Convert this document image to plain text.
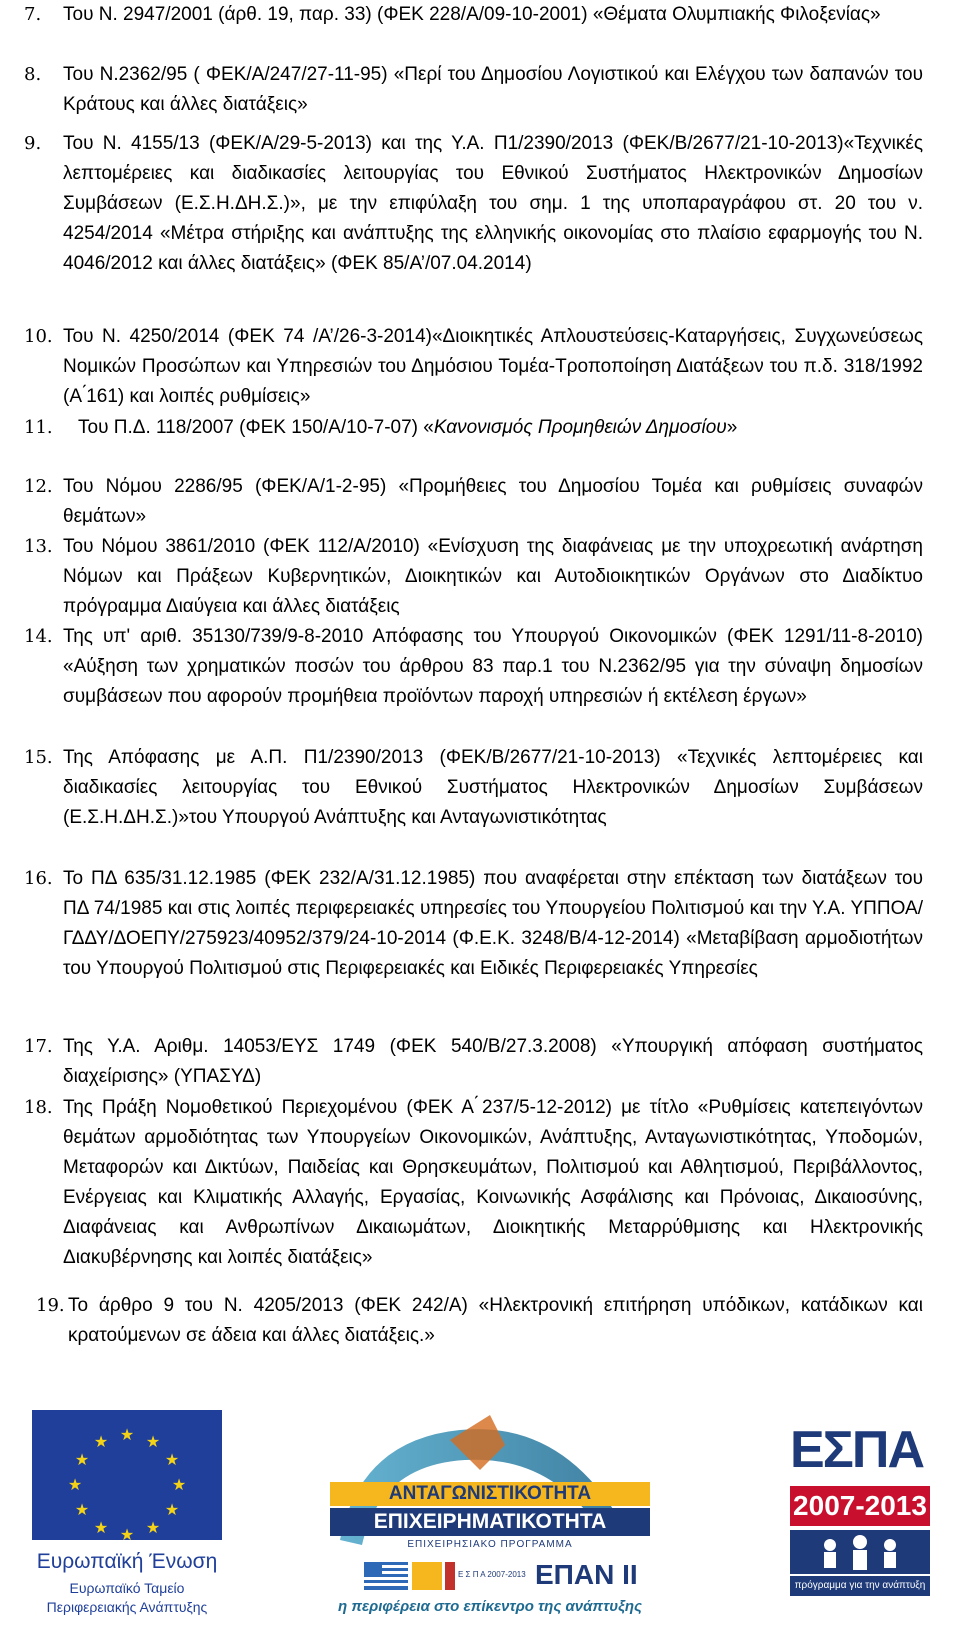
7. Του Ν. 2947/2001 (άρθ. 19, παρ. 33) (ΦΕΚ 228/Α/09-10-2001) «Θέματα Ολυμπιακής Φιλοξενίας»
8. Του Ν.2362/95 ( ΦΕΚ/Α/247/27-11-95) «Περί του Δημοσίου Λογιστικού και Ελέγχου των δαπανών του Κράτους και άλλες διατάξεις»
9. Του Ν. 4155/13 (ΦΕΚ/Α/29-5-2013) και της Υ.Α. Π1/2390/2013 (ΦΕΚ/Β/2677/21-10-2013)«Τεχνικές λεπτομέρειες και διαδικασίες λειτουργίας του Εθνικού Συστήματος Ηλεκτρονικών Δημοσίων Συμβάσεων (Ε.Σ.Η.ΔΗ.Σ.)», με την επιφύλαξη του σημ. 1 της υποπαραγράφου στ. 20 του ν. 4254/2014 «Μέτρα στήριξης και ανάπτυξης της ελληνικής οικονομίας στο πλαίσιο εφαρμογής του Ν. 4046/2012 και άλλες διατάξεις» (ΦΕΚ 85/Α’/07.04.2014)
10. Του Ν. 4250/2014 (ΦΕΚ 74 /Α’/26-3-2014)«Διοικητικές Απλουστεύσεις-Καταργήσεις, Συγχωνεύσεως Νομικών Προσώπων και Υπηρεσιών του Δημόσιου Τομέα-Τροποποίηση Διατάξεων του π.δ. 318/1992 (Α ́161) και λοιπές ρυθμίσεις»
11. Του Π.Δ. 118/2007 (ΦΕΚ 150/Α/10-7-07) «Κανονισμός Προμηθειών Δημοσίου»
12. Του Νόμου 2286/95 (ΦΕΚ/Α/1-2-95) «Προμήθειες του Δημοσίου Τομέα και ρυθμίσεις συναφών θεμάτων»
13. Του Νόμου 3861/2010 (ΦΕΚ 112/Α/2010) «Ενίσχυση της διαφάνειας με την υποχρεωτική ανάρτηση Νόμων και Πράξεων Κυβερνητικών, Διοικητικών και Αυτοδιοικητικών Οργάνων στο Διαδίκτυο πρόγραμμα Διαύγεια και άλλες διατάξεις
14. Της υπ' αριθ. 35130/739/9-8-2010 Απόφασης του Υπουργού Οικονομικών (ΦΕΚ 1291/11-8-2010) «Αύξηση των χρηματικών ποσών του άρθρου 83 παρ.1 του Ν.2362/95 για την σύναψη δημοσίων συμβάσεων που αφορούν προμήθεια προϊόντων παροχή υπηρεσιών ή εκτέλεση έργων»
15. Της Απόφασης με Α.Π. Π1/2390/2013 (ΦΕΚ/Β/2677/21-10-2013) «Τεχνικές λεπτομέρειες και διαδικασίες λειτουργίας του Εθνικού Συστήματος Ηλεκτρονικών Δημοσίων Συμβάσεων (Ε.Σ.Η.ΔΗ.Σ.)»του Υπουργού Ανάπτυξης και Ανταγωνιστικότητας
16. Το ΠΔ 635/31.12.1985 (ΦΕΚ 232/Α/31.12.1985) που αναφέρεται στην επέκταση των διατάξεων του ΠΔ 74/1985 και στις λοιπές περιφερειακές υπηρεσίες του Υπουργείου Πολιτισμού και την Υ.Α. ΥΠΠΟΑ/ΓΔΔΥ/ΔΟΕΠΥ/275923/40952/379/24-10-2014 (Φ.Ε.Κ. 3248/Β/4-12-2014) «Μεταβίβαση αρμοδιοτήτων του Υπουργού Πολιτισμού στις Περιφερειακές και Ειδικές Περιφερειακές Υπηρεσίες
17. Της Υ.Α. Αριθμ. 14053/ΕΥΣ 1749 (ΦΕΚ 540/Β/27.3.2008) «Υπουργική απόφαση συστήματος διαχείρισης» (ΥΠΑΣΥΔ)
18. Της Πράξη Νομοθετικού Περιεχομένου (ΦΕΚ Α ́237/5-12-2012) με τίτλο «Ρυθμίσεις κατεπειγόντων θεμάτων αρμοδιότητας των Υπουργείων Οικονομικών, Ανάπτυξης, Ανταγωνιστικότητας, Υποδομών, Μεταφορών και Δικτύων, Παιδείας και Θρησκευμάτων, Πολιτισμού και Αθλητισμού, Περιβάλλοντος, Ενέργειας και Κλιματικής Αλλαγής, Εργασίας, Κοινωνικής Ασφάλισης και Πρόνοιας, Δικαιοσύνης, Διαφάνειας και Ανθρωπίνων Δικαιωμάτων, Διοικητικής Μεταρρύθμισης και Ηλεκτρονικής Διακυβέρνησης και λοιπές διατάξεις»
19. Το άρθρο 9 του Ν. 4205/2013 (ΦΕΚ 242/Α) «Ηλεκτρονική επιτήρηση υπόδικων, κατάδικων και κρατούμενων σε άδεια και άλλες διατάξεις.»
★ ★
★
★
★
★
★
★
★
★
★
★
Ευρωπαϊκή Ένωση
Ευρωπαϊκό Ταμείο
Περιφερειακής Ανάπτυξης
ΑΝΤΑΓΩΝΙΣΤΙΚΟΤΗΤΑ
ΕΠΙΧΕΙΡΗΜΑΤΙΚΟΤΗΤΑ
ΕΠΙΧΕΙΡΗΣΙΑΚΟ ΠΡΟΓΡΑΜΜΑ
Ε Σ Π Α 2007-2013 ΕΠΑΝ ΙΙ
η περιφέρεια στο επίκεντρο της ανάπτυξης
ΕΣΠΑ
2007-2013
πρόγραμμα για την ανάπτυξη
